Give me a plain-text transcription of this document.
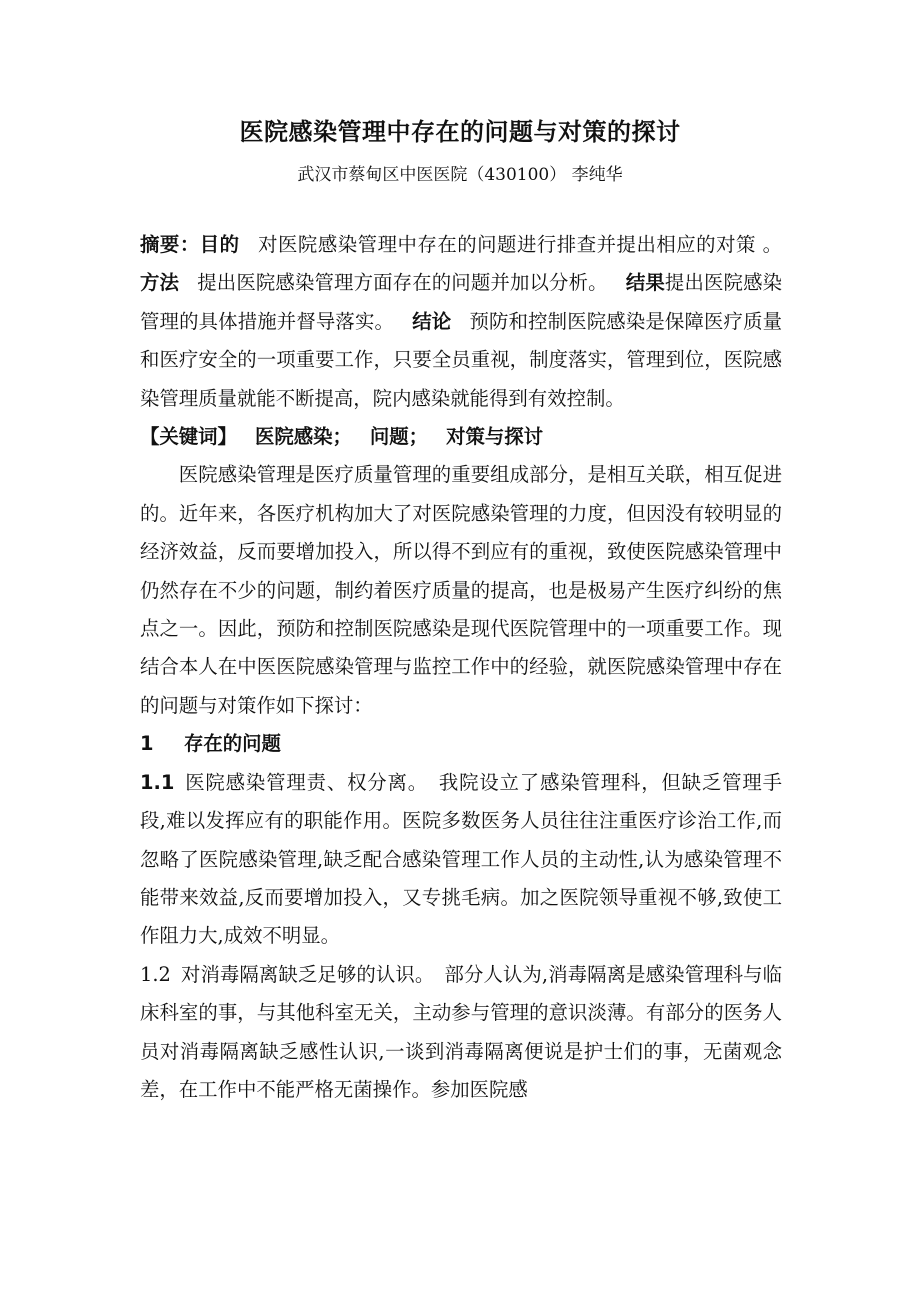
医院感染管理中存在的问题与对策的探讨
武汉市蔡甸区中医医院（430100） 李纯华

摘要：目的 对医院感染管理中存在的问题进行排查并提出相应的对策 。方法 提出医院感染管理方面存在的问题并加以分析。 结果提出医院感染管理的具体措施并督导落实。 结论 预防和控制医院感染是保障医疗质量和医疗安全的一项重要工作，只要全员重视，制度落实，管理到位，医院感染管理质量就能不断提高，院内感染就能得到有效控制。

【关键词】 医院感染； 问题； 对策与探讨

医院感染管理是医疗质量管理的重要组成部分，是相互关联，相互促进的。近年来，各医疗机构加大了对医院感染管理的力度，但因没有较明显的经济效益，反而要增加投入，所以得不到应有的重视，致使医院感染管理中仍然存在不少的问题，制约着医疗质量的提高，也是极易产生医疗纠纷的焦点之一。因此，预防和控制医院感染是现代医院管理中的一项重要工作。现结合本人在中医医院感染管理与监控工作中的经验，就医院感染管理中存在的问题与对策作如下探讨：

1 存在的问题

1.1 医院感染管理责、权分离。 我院设立了感染管理科，但缺乏管理手段,难以发挥应有的职能作用。医院多数医务人员往往注重医疗诊治工作,而忽略了医院感染管理,缺乏配合感染管理工作人员的主动性,认为感染管理不能带来效益,反而要增加投入，又专挑毛病。加之医院领导重视不够,致使工作阻力大,成效不明显。

1.2 对消毒隔离缺乏足够的认识。 部分人认为,消毒隔离是感染管理科与临床科室的事，与其他科室无关，主动参与管理的意识淡薄。有部分的医务人员对消毒隔离缺乏感性认识,一谈到消毒隔离便说是护士们的事，无菌观念差，在工作中不能严格无菌操作。参加医院感
